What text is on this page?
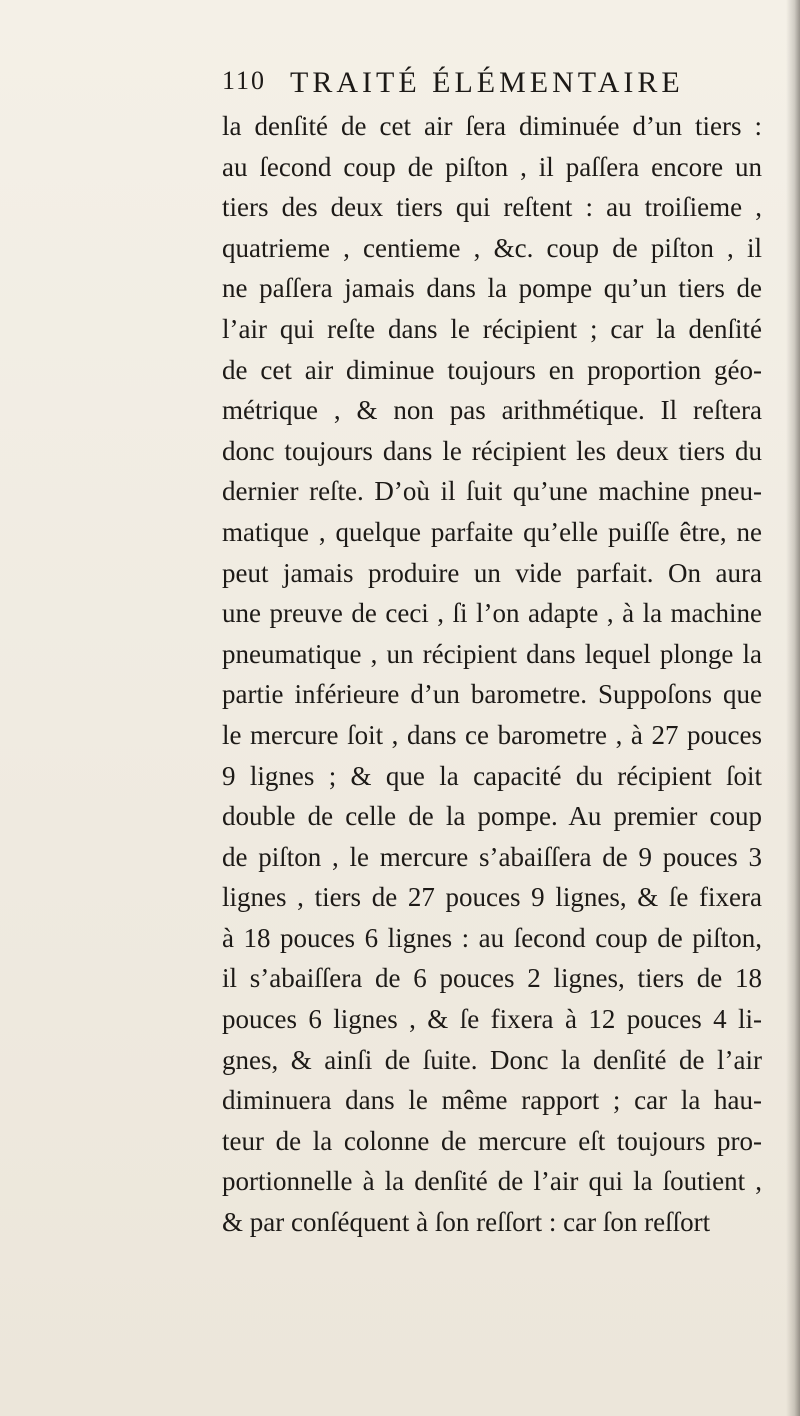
110 TRAITÉ ÉLÉMENTAIRE
la denſité de cet air ſera diminuée d’un tiers :
au ſecond coup de piſton , il paſſera encore un
tiers des deux tiers qui reſtent : au troiſieme ,
quatrieme , centieme , &c. coup de piſton , il
ne paſſera jamais dans la pompe qu’un tiers de
l’air qui reſte dans le récipient ; car la denſité
de cet air diminue toujours en proportion géo-
métrique , & non pas arithmétique. Il reſtera
donc toujours dans le récipient les deux tiers du
dernier reſte. D’où il ſuit qu’une machine pneu-
matique , quelque parfaite qu’elle puiſſe être, ne
peut jamais produire un vide parfait. On aura
une preuve de ceci , ſi l’on adapte , à la machine
pneumatique , un récipient dans lequel plonge la
partie inférieure d’un barometre. Suppoſons que
le mercure ſoit , dans ce barometre , à 27 pouces
9 lignes ; & que la capacité du récipient ſoit
double de celle de la pompe. Au premier coup
de piſton , le mercure s’abaiſſera de 9 pouces 3
lignes , tiers de 27 pouces 9 lignes, & ſe fixera
à 18 pouces 6 lignes : au ſecond coup de piſton,
il s’abaiſſera de 6 pouces 2 lignes, tiers de 18
pouces 6 lignes , & ſe fixera à 12 pouces 4 li-
gnes, & ainſi de ſuite. Donc la denſité de l’air
diminuera dans le même rapport ; car la hau-
teur de la colonne de mercure eſt toujours pro-
portionnelle à la denſité de l’air qui la ſoutient ,
& par conſéquent à ſon reſſort : car ſon reſſort
